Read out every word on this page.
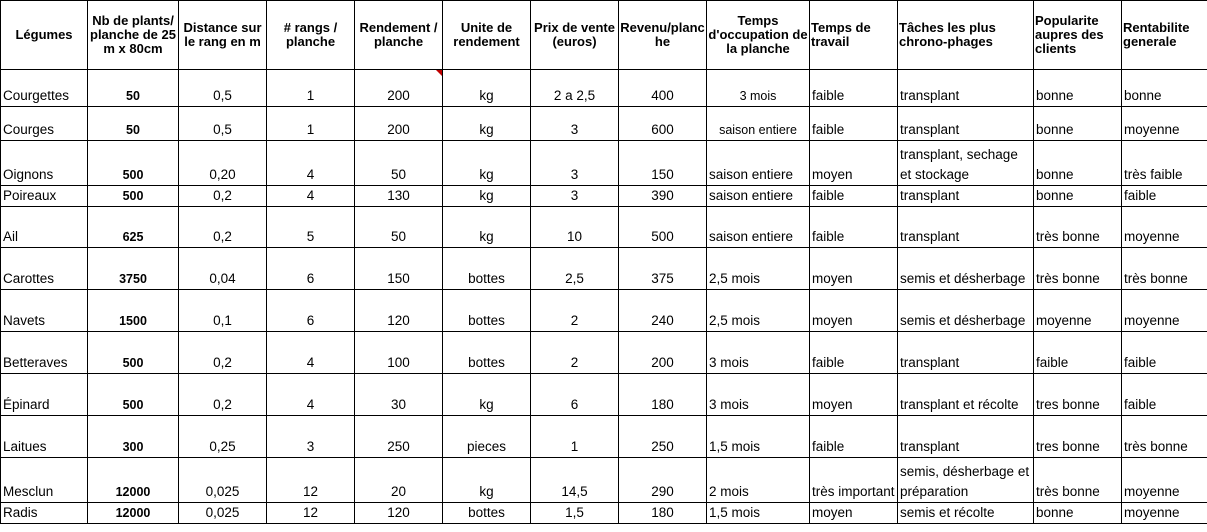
Légumes	Nb de plants/planche de 25m x 80cm	Distance sur le rang en m	# rangs / planche	Rendement / planche	Unite de rendement	Prix de vente (euros)	Revenu/planche	Temps d'occupation de la planche	Temps de travail	Tâches les plus chrono-phages	Popularite aupres des clients	Rentabilite generale
Courgettes	50	0,5	1	200	kg	2 a 2,5	400	3 mois	faible	transplant	bonne	bonne
Courges	50	0,5	1	200	kg	3	600	saison entiere	faible	transplant	bonne	moyenne
Oignons	500	0,20	4	50	kg	3	150	saison entiere	moyen	transplant, sechage et stockage	bonne	très faible
Poireaux	500	0,2	4	130	kg	3	390	saison entiere	faible	transplant	bonne	faible
Ail	625	0,2	5	50	kg	10	500	saison entiere	faible	transplant	très bonne	moyenne
Carottes	3750	0,04	6	150	bottes	2,5	375	2,5 mois	moyen	semis et désherbage	très bonne	très bonne
Navets	1500	0,1	6	120	bottes	2	240	2,5 mois	moyen	semis et désherbage	moyenne	moyenne
Betteraves	500	0,2	4	100	bottes	2	200	3 mois	faible	transplant	faible	faible
Épinard	500	0,2	4	30	kg	6	180	3 mois	moyen	transplant et récolte	tres bonne	faible
Laitues	300	0,25	3	250	pieces	1	250	1,5 mois	faible	transplant	tres bonne	très bonne
Mesclun	12000	0,025	12	20	kg	14,5	290	2 mois	très important	semis, désherbage et préparation	très bonne	moyenne
Radis	12000	0,025	12	120	bottes	1,5	180	1,5 mois	moyen	semis et récolte	bonne	moyenne
